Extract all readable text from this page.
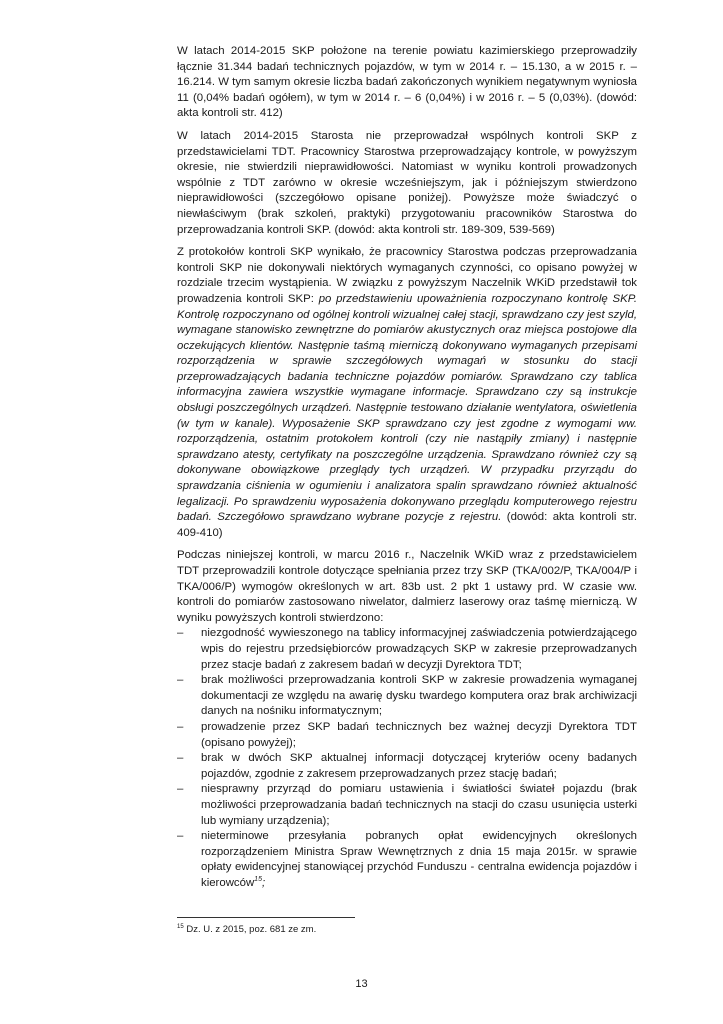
W latach 2014-2015 SKP położone na terenie powiatu kazimierskiego przeprowadziły łącznie 31.344 badań technicznych pojazdów, w tym w 2014 r. – 15.130, a w 2015 r. – 16.214. W tym samym okresie liczba badań zakończonych wynikiem negatywnym wyniosła 11 (0,04% badań ogółem), w tym w 2014 r. – 6 (0,04%) i w 2016 r. – 5 (0,03%). (dowód: akta kontroli str. 412)

W latach 2014-2015 Starosta nie przeprowadzał wspólnych kontroli SKP z przedstawicielami TDT. Pracownicy Starostwa przeprowadzający kontrole, w powyższym okresie, nie stwierdzili nieprawidłowości. Natomiast w wyniku kontroli prowadzonych wspólnie z TDT zarówno w okresie wcześniejszym, jak i późniejszym stwierdzono nieprawidłowości (szczegółowo opisane poniżej). Powyższe może świadczyć o niewłaściwym (brak szkoleń, praktyki) przygotowaniu pracowników Starostwa do przeprowadzania kontroli SKP. (dowód: akta kontroli str. 189-309, 539-569)

Z protokołów kontroli SKP wynikało, że pracownicy Starostwa podczas przeprowadzania kontroli SKP nie dokonywali niektórych wymaganych czynności, co opisano powyżej w rozdziale trzecim wystąpienia. W związku z powyższym Naczelnik WKiD przedstawił tok prowadzenia kontroli SKP: po przedstawieniu upoważnienia rozpoczynano kontrolę SKP. Kontrolę rozpoczynano od ogólnej kontroli wizualnej całej stacji, sprawdzano czy jest szyld, wymagane stanowisko zewnętrzne do pomiarów akustycznych oraz miejsca postojowe dla oczekujących klientów. Następnie taśmą mierniczą dokonywano wymaganych przepisami rozporządzenia w sprawie szczegółowych wymagań w stosunku do stacji przeprowadzających badania techniczne pojazdów pomiarów. Sprawdzano czy tablica informacyjna zawiera wszystkie wymagane informacje. Sprawdzano czy są instrukcje obsługi poszczególnych urządzeń. Następnie testowano działanie wentylatora, oświetlenia (w tym w kanale). Wyposażenie SKP sprawdzano czy jest zgodne z wymogami ww. rozporządzenia, ostatnim protokołem kontroli (czy nie nastąpiły zmiany) i następnie sprawdzano atesty, certyfikaty na poszczególne urządzenia. Sprawdzano również czy są dokonywane obowiązkowe przeglądy tych urządzeń. W przypadku przyrządu do sprawdzania ciśnienia w ogumieniu i analizatora spalin sprawdzano również aktualność legalizacji. Po sprawdzeniu wyposażenia dokonywano przeglądu komputerowego rejestru badań. Szczegółowo sprawdzano wybrane pozycje z rejestru. (dowód: akta kontroli str. 409-410)

Podczas niniejszej kontroli, w marcu 2016 r., Naczelnik WKiD wraz z przedstawicielem TDT przeprowadzili kontrole dotyczące spełniania przez trzy SKP (TKA/002/P, TKA/004/P i TKA/006/P) wymogów określonych w art. 83b ust. 2 pkt 1 ustawy prd. W czasie ww. kontroli do pomiarów zastosowano niwelator, dalmierz laserowy oraz taśmę mierniczą. W wyniku powyższych kontroli stwierdzono:

– niezgodność wywieszonego na tablicy informacyjnej zaświadczenia potwierdzającego wpis do rejestru przedsiębiorców prowadzących SKP w zakresie przeprowadzanych przez stacje badań z zakresem badań w decyzji Dyrektora TDT;
– brak możliwości przeprowadzania kontroli SKP w zakresie prowadzenia wymaganej dokumentacji ze względu na awarię dysku twardego komputera oraz brak archiwizacji danych na nośniku informatycznym;
– prowadzenie przez SKP badań technicznych bez ważnej decyzji Dyrektora TDT (opisano powyżej);
– brak w dwóch SKP aktualnej informacji dotyczącej kryteriów oceny badanych pojazdów, zgodnie z zakresem przeprowadzanych przez stację badań;
– niesprawny przyrząd do pomiaru ustawienia i światłości świateł pojazdu (brak możliwości przeprowadzania badań technicznych na stacji do czasu usunięcia usterki lub wymiany urządzenia);
– nieterminowe przesyłania pobranych opłat ewidencyjnych określonych rozporządzeniem Ministra Spraw Wewnętrznych z dnia 15 maja 2015r. w sprawie opłaty ewidencyjnej stanowiącej przychód Funduszu - centralna ewidencja pojazdów i kierowców$^{15}$;
$^{15}$ Dz. U. z 2015, poz. 681 ze zm.
13
